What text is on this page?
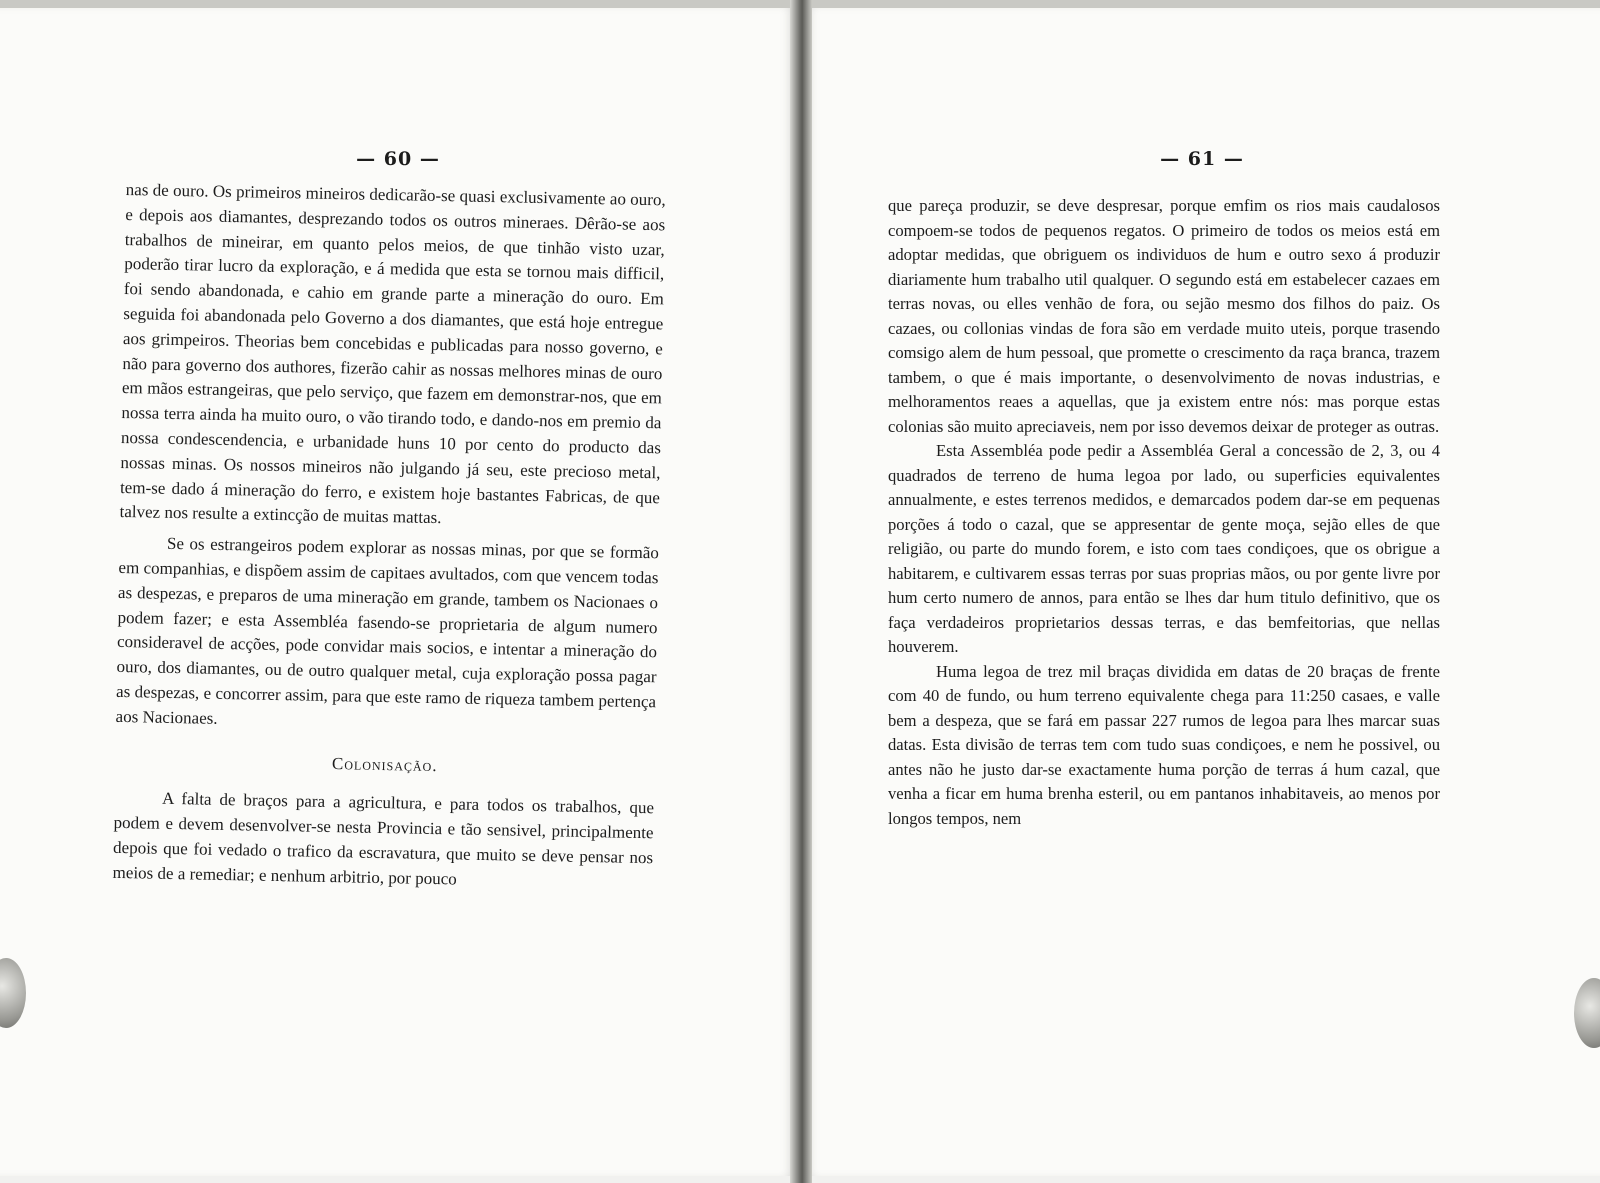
— 60 —

nas de ouro. Os primeiros mineiros dedicarão-se quasi exclusivamente ao ouro, e depois aos diamantes, desprezando todos os outros mineraes. Dêrão-se aos trabalhos de mineirar, em quanto pelos meios, de que tinhão visto uzar, poderão tirar lucro da exploração, e á medida que esta se tornou mais difficil, foi sendo abandonada, e cahio em grande parte a mineração do ouro. Em seguida foi abandonada pelo Governo a dos diamantes, que está hoje entregue aos grimpeiros. Theorias bem concebidas e publicadas para nosso governo, e não para governo dos authores, fizerão cahir as nossas melhores minas de ouro em mãos estrangeiras, que pelo serviço, que fazem em demonstrar-nos, que em nossa terra ainda ha muito ouro, o vão tirando todo, e dando-nos em premio da nossa condescendencia, e urbanidade huns 10 por cento do producto das nossas minas. Os nossos mineiros não julgando já seu, este precioso metal, tem-se dado á mineração do ferro, e existem hoje bastantes Fabricas, de que talvez nos resulte a extincção de muitas mattas.

Se os estrangeiros podem explorar as nossas minas, por que se formão em companhias, e dispõem assim de capitaes avultados, com que vencem todas as despezas, e preparos de uma mineração em grande, tambem os Nacionaes o podem fazer; e esta Assembléa fasendo-se proprietaria de algum numero consideravel de acções, pode convidar mais socios, e intentar a mineração do ouro, dos diamantes, ou de outro qualquer metal, cuja exploração possa pagar as despezas, e concorrer assim, para que este ramo de riqueza tambem pertença aos Nacionaes.

Colonisação.

A falta de braços para a agricultura, e para todos os trabalhos, que podem e devem desenvolver-se nesta Provincia e tão sensivel, principalmente depois que foi vedado o trafico da escravatura, que muito se deve pensar nos meios de a remediar; e nenhum arbitrio, por pouco

— 61 —

que pareça produzir, se deve despresar, porque emfim os rios mais caudalosos compoem-se todos de pequenos regatos. O primeiro de todos os meios está em adoptar medidas, que obriguem os individuos de hum e outro sexo á produzir diariamente hum trabalho util qualquer. O segundo está em estabelecer cazaes em terras novas, ou elles venhão de fora, ou sejão mesmo dos filhos do paiz. Os cazaes, ou collonias vindas de fora são em verdade muito uteis, porque trasendo comsigo alem de hum pessoal, que promette o crescimento da raça branca, trazem tambem, o que é mais importante, o desenvolvimento de novas industrias, e melhoramentos reaes a aquellas, que ja existem entre nós: mas porque estas colonias são muito apreciaveis, nem por isso devemos deixar de proteger as outras.

Esta Assembléa pode pedir a Assembléa Geral a concessão de 2, 3, ou 4 quadrados de terreno de huma legoa por lado, ou superficies equivalentes annualmente, e estes terrenos medidos, e demarcados podem dar-se em pequenas porções á todo o cazal, que se appresentar de gente moça, sejão elles de que religião, ou parte do mundo forem, e isto com taes condiçoes, que os obrigue a habitarem, e cultivarem essas terras por suas proprias mãos, ou por gente livre por hum certo numero de annos, para então se lhes dar hum titulo definitivo, que os faça verdadeiros proprietarios dessas terras, e das bemfeitorias, que nellas houverem.

Huma legoa de trez mil braças dividida em datas de 20 braças de frente com 40 de fundo, ou hum terreno equivalente chega para 11:250 casaes, e valle bem a despeza, que se fará em passar 227 rumos de legoa para lhes marcar suas datas. Esta divisão de terras tem com tudo suas condiçoes, e nem he possivel, ou antes não he justo dar-se exactamente huma porção de terras á hum cazal, que venha a ficar em huma brenha esteril, ou em pantanos inhabitaveis, ao menos por longos tempos, nem
